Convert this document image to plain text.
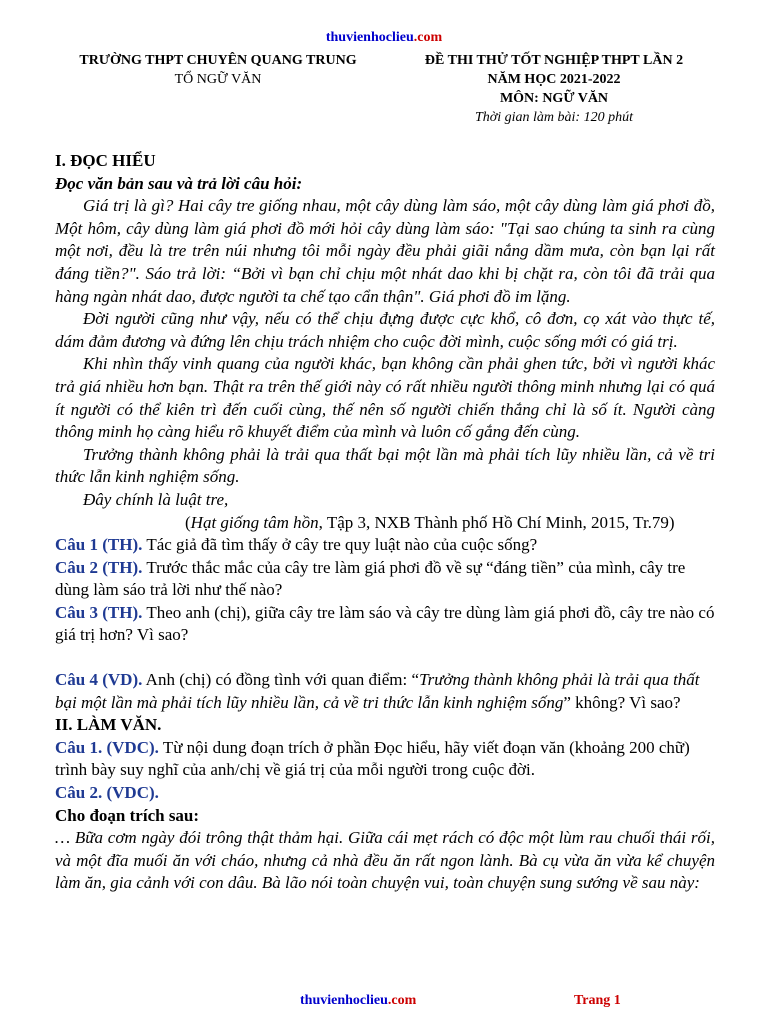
thuvienhoclieu.com
TRƯỜNG THPT CHUYÊN QUANG TRUNG
TỔ NGỮ VĂN
ĐỀ THI THỬ TỐT NGHIỆP THPT LẦN 2
NĂM HỌC 2021-2022
MÔN: NGỮ VĂN
Thời gian làm bài: 120 phút

I. ĐỌC HIỂU

Đọc văn bản sau và trả lời câu hỏi:

Giá trị là gì? Hai cây tre giống nhau, một cây dùng làm sáo, một cây dùng làm giá phơi đồ, Một hôm, cây dùng làm giá phơi đồ mới hỏi cây dùng làm sáo: "Tại sao chúng ta sinh ra cùng một nơi, đều là tre trên núi nhưng tôi mỗi ngày đều phải giãi nắng dầm mưa, còn bạn lại rất đáng tiền?". Sáo trả lời: “Bởi vì bạn chỉ chịu một nhát dao khi bị chặt ra, còn tôi đã trải qua hàng ngàn nhát dao, được người ta chế tạo cẩn thận". Giá phơi đồ im lặng.

Đời người cũng như vậy, nếu có thể chịu đựng được cực khổ, cô đơn, cọ xát vào thực tế, dám đảm đương và đứng lên chịu trách nhiệm cho cuộc đời mình, cuộc sống mới có giá trị.

Khi nhìn thấy vinh quang của người khác, bạn không cần phải ghen tức, bởi vì người khác trả giá nhiều hơn bạn. Thật ra trên thế giới này có rất nhiều người thông minh nhưng lại có quá ít người có thể kiên trì đến cuối cùng, thế nên số người chiến thắng chỉ là số ít. Người càng thông minh họ càng hiểu rõ khuyết điểm của mình và luôn cố gắng đến cùng.

Trưởng thành không phải là trải qua thất bại một lần mà phải tích lũy nhiều lần, cả về tri thức lẫn kinh nghiệm sống.

Đây chính là luật tre,

(Hạt giống tâm hồn, Tập 3, NXB Thành phố Hồ Chí Minh, 2015, Tr.79)

Câu 1 (TH). Tác giả đã tìm thấy ở cây tre quy luật nào của cuộc sống?

Câu 2 (TH). Trước thắc mắc của cây tre làm giá phơi đồ về sự “đáng tiền” của mình, cây tre dùng làm sáo trả lời như thế nào?

Câu 3 (TH). Theo anh (chị), giữa cây tre làm sáo và cây tre dùng làm giá phơi đồ, cây tre nào có giá trị hơn? Vì sao?

Câu 4 (VD). Anh (chị) có đồng tình với quan điểm: “Trưởng thành không phải là trải qua thất bại một lần mà phải tích lũy nhiều lần, cả về tri thức lẫn kinh nghiệm sống” không? Vì sao?

II. LÀM VĂN.

Câu 1. (VDC). Từ nội dung đoạn trích ở phần Đọc hiểu, hãy viết đoạn văn (khoảng 200 chữ) trình bày suy nghĩ của anh/chị về giá trị của mỗi người trong cuộc đời.

Câu 2. (VDC).

Cho đoạn trích sau:

… Bữa cơm ngày đói trông thật thảm hại. Giữa cái mẹt rách có độc một lùm rau chuối thái rối, và một đĩa muối ăn với cháo, nhưng cả nhà đều ăn rất ngon lành. Bà cụ vừa ăn vừa kể chuyện làm ăn, gia cảnh với con dâu. Bà lão nói toàn chuyện vui, toàn chuyện sung sướng về sau này:

thuvienhoclieu.com	Trang 1
